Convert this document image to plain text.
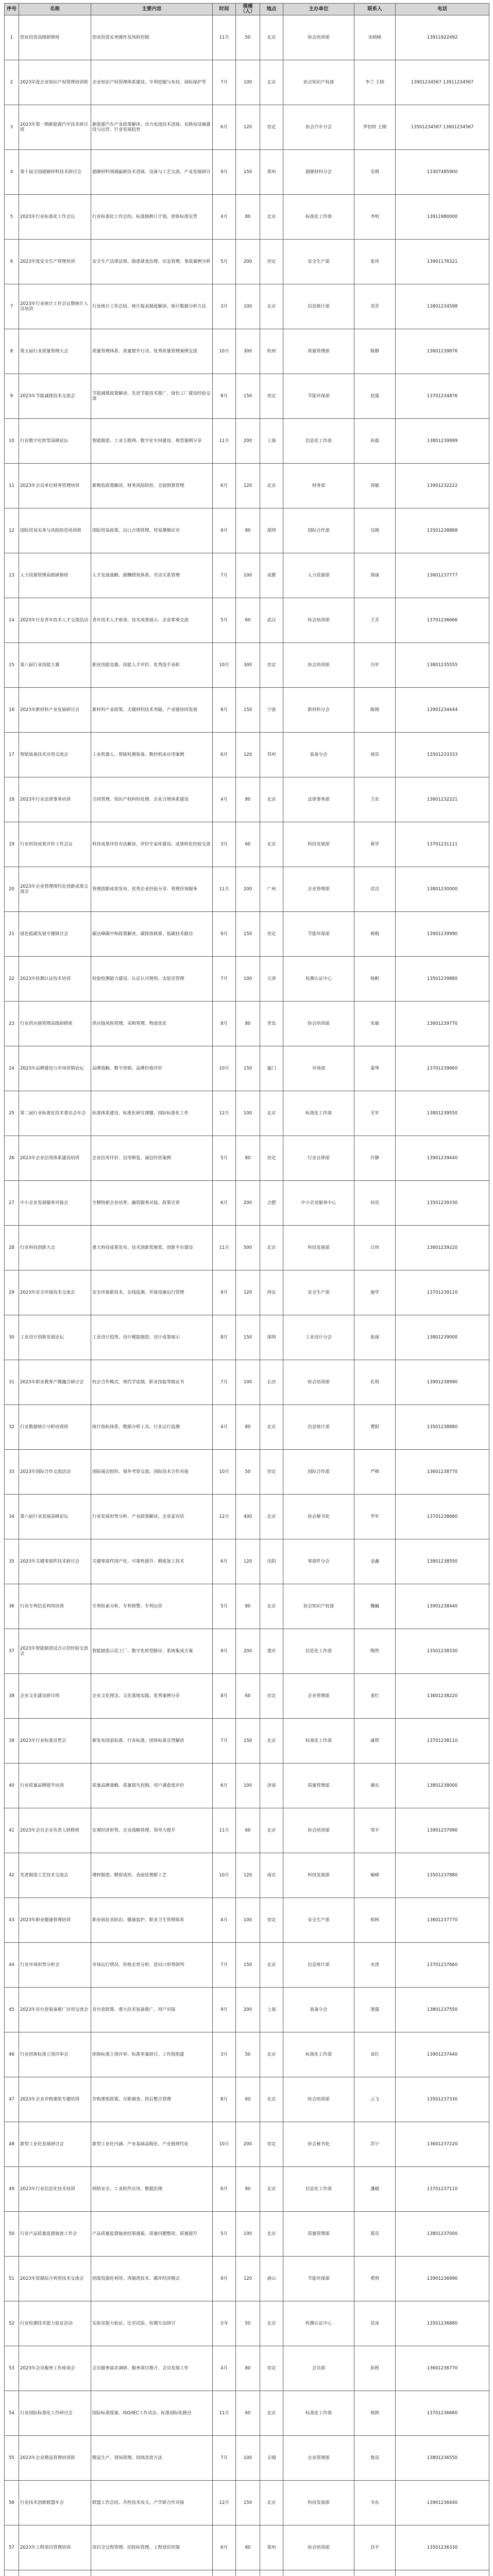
序号	名称	主要内容	时间	规模（人）	地点	主办单位	联系人	电话
1	创业投资高级研修班	创业投资实务操作及风险控制	11月	50	北京	协会培训部	宋晓峰	13911922492
2	2023年度企业知识产权管理培训班	企业知识产权管理体系建设、专利挖掘与布局、商标保护等	7月	100	北京	协会知识产权部	李兰 王晓	13901234567 13911234567
3	2023年第一期新能源汽车技术研讨班	新能源汽车产业政策解读、动力电池技术进展、充换电设施建设与运营、行业发展趋势	6月	120	待定	协会汽车分会	罗伯特 王刚	13501234567 13601234567
4	第十届全国超硬材料技术研讨会	超硬材料领域最新技术进展、设备与工艺交流、产业发展研讨	9月	150	郑州	超硬材料分会	吴倩	13307485900
5	2023年行业标准化工作会议	行业标准化工作总结、标准制修订计划、团体标准宣贯	4月	80	北京	标准化工作部	李明	13911980000
6	2023年度安全生产管理培训	安全生产法律法规、隐患排查治理、应急管理、事故案例分析	5月	200	待定	安全生产部	张伟	13901176321
7	2023年行业统计工作会议暨统计人员培训	行业统计工作总结、统计报表制度解读、统计数据分析方法	3月	100	北京	信息统计部	刘芳	13801234598
8	第五届行业质量管理大会	质量管理体系、质量提升行动、优秀质量管理案例交流	10月	300	杭州	质量管理部	陈静	13601239876
9	2023年节能减排技术交流会	节能减排政策解读、先进节能技术推广、绿色工厂建设经验交流	8月	150	待定	节能环保部	赵强	13701234876
10	行业数字化转型高峰论坛	智能制造、工业互联网、数字化车间建设、典型案例分享	11月	200	上海	信息化工作部	孙磊	13801239999
11	2023年会员单位财务管理培训	新税收政策解读、财务风险防控、全面预算管理	6月	120	北京	财务部	周敏	13901232222
12	国际贸易实务与风险防范培训班	国际贸易政策、出口合规管理、贸易摩擦应对	9月	80	深圳	国际合作部	吴刚	13501238888
13	人力资源管理高级研修班	人才发展战略、薪酬绩效体系、劳动关系管理	7月	100	成都	人力资源部	郑丽	13601237777
14	2023年行业青年技术人才交流活动	青年技术人才座谈、技术成果展示、企业参观交流	5月	60	武汉	协会培训部	王芳	13701236666
15	第八届行业技能大赛	职业技能竞赛、技能人才评价、优秀选手表彰	10月	300	待定	协会培训部	冯军	13801235555
16	2023年新材料产业发展研讨会	新材料产业政策、关键材料技术突破、产业链协同发展	8月	150	宁波	新材料分会	陈刚	13901234444
17	智能装备技术应用交流会	工业机器人、智能检测装备、数控机床应用案例	6月	120	苏州	装备分会	褚亮	13501233333
18	2023年行业法律事务培训	合同管理、知识产权纠纷处理、企业合规体系建设	4月	80	北京	法律事务部	卫东	13601232221
19	行业科技成果评价工作会议	科技成果评价办法解读、评价专家库建设、成果转化经验交流	3月	60	北京	科技发展部	蒋华	13701231111
20	2023年企业管理现代化创新成果交流会	管理创新成果发布、优秀企业经验分享、管理咨询服务	11月	200	广州	企业管理部	沈洁	13801230000
21	绿色低碳发展专题研讨会	碳达峰碳中和政策解读、碳排放核算、低碳技术路径	9月	150	待定	节能环保部	韩梅	13901239990
22	2023年检测认证技术培训	检验检测能力建设、认证认可规则、实验室管理	7月	100	天津	检测认证中心	杨帆	13501239880
23	行业供应链管理高级研修班	供应链风险管理、采购管理、物流优化	8月	80	青岛	协会培训部	朱敏	13601239770
24	2023年品牌建设与市场营销论坛	品牌战略、数字营销、品牌价值评价	10月	150	厦门	市场部	秦琴	13701239660
25	第二届行业标准化技术委员会年会	标准体系建设、标准化研究课题、国际标准化工作	12月	100	北京	标准化工作部	尤军	13801239550
26	2023年企业信用体系建设培训	企业信用评价、信用修复、诚信经营案例	5月	80	待定	行业自律部	许静	13901239440
27	中小企业发展服务对接会	专精特新企业培育、融资服务对接、政策宣讲	6月	200	合肥	中小企业服务中心	何亮	13501239330
28	行业科技创新大会	重大科技成果发布、技术创新奖颁奖、创新平台建设	11月	500	北京	科技发展部	吕伟	13601239220
29	2023年安全环保技术交流会	安全环保新技术、在线监测、环保设施运行管理	9月	120	西安	安全生产部	施华	13701239110
30	工业设计创新发展论坛	工业设计趋势、设计赋能制造、设计成果展示	8月	150	深圳	工业设计分会	张丽	13801239000
31	2023年职业教育产教融合研讨会	校企合作模式、现代学徒制、职业技能等级证书	7月	100	长沙	协会培训部	孔明	13901238990
32	行业数据统计分析培训班	统计指标体系、数据分析工具、行业运行监测	4月	80	北京	信息统计部	曹阳	13501238880
33	2023年国际合作交流活动	国际展会组织、境外考察交流、国际技术合作对接	10月	50	待定	国际合作部	严峰	13601238770
34	第六届行业发展高峰论坛	行业发展形势分析、产业政策解读、企业家对话	12月	400	北京	协会秘书处	华军	13701238660
35	2023年关键零部件技术研讨会	关键零部件国产化、可靠性提升、精密加工技术	6月	120	沈阳	零部件分会	金鑫	13801238550
36	行业专利信息利用培训	专利检索分析、专利预警、专利运营	5月	80	北京	协会知识产权部	魏巍	13901238440
37	2023年智能制造试点示范经验交流会	智能制造示范工厂、数字化转型路径、系统集成方案	9月	200	重庆	信息化工作部	陶然	13501238330
38	企业文化建设研讨班	企业文化理念、文化落地实践、优秀案例分享	8月	60	待定	企业管理部	姜红	13601238220
39	2023年行业标准宣贯会	新发布国家标准、行业标准、团体标准宣贯解读	7月	150	北京	标准化工作部	戚明	13701238110
40	行业质量品牌提升培训	质量品牌战略、质量损失控制、用户满意度评价	6月	100	济南	质量管理部	谢东	13801238000
41	2023年会员企业负责人研修班	宏观经济形势、企业战略管理、领导力提升	11月	60	北京	协会培训部	邹平	13901237990
42	先进制造工艺技术交流会	增材制造、精密成形、表面处理新工艺	10月	120	南京	科技发展部	喻峰	13501237880
43	2023年职业健康管理培训	职业病危害防治、健康监护、职业卫生管理体系	4月	100	待定	安全生产部	柏林	13601237770
44	行业市场形势分析会	市场运行情况、价格走势分析、进出口形势研判	7月	150	北京	信息统计部	水清	13701237660
45	2023年首台套装备推广应用交流会	首台套政策、重大技术装备推广、用户对接	9月	200	上海	装备分会	窦强	13801237550
46	行业团体标准立项评审会	团体标准立项评审、标准草案研讨、工作组组建	3月	50	北京	标准化工作部	章红	13901237440
47	2023年企业并购重组专题培训	并购重组政策、尽职调查、投后整合管理	8月	60	北京	协会培训部	云飞	13501237330
48	新型工业化发展研讨会	新型工业化内涵、产业基础高级化、产业链现代化	10月	200	待定	协会秘书处	苏宁	13601237220
49	2023年行业信息化技术培训	网络安全、工业软件应用、数据治理	6月	80	北京	信息化工作部	潘越	13701237110
50	行业产品质量监督抽查工作会	产品质量监督抽查结果通报、质量问题整改、质量提升	5月	100	北京	质量管理部	葛亮	13801237000
51	2023年资源综合利用技术交流会	固废资源化利用、再制造技术、循环经济模式	9月	120	唐山	节能环保部	奚明	13901236990
52	行业检测技术能力验证活动	实验室能力验证、比对试验、检测方法研讨	全年	50	北京	检测认证中心	范冰	13501236880
53	2023年会员服务工作座谈会	会员服务需求调研、服务项目推介、会员发展工作	4月	80	待定	会员部	彭程	13601236770
54	行业国际标准化工作研讨会	国际标准提案、ISO/IEC工作动态、标准国际化路径	11月	60	北京	标准化工作部	郎朗	13701236660
55	2023年企业精益管理培训班	精益生产、现场管理、持续改进方法	7月	100	无锡	企业管理部	鲁迅	13801236550
56	行业技术创新联盟年会	联盟工作总结、共性技术攻关、产学研合作对接	12月	150	北京	科技发展部	韦东	13901236440
57	2023年工程项目管理培训	项目全过程管理、招投标管理、工程造价控制	6月	80	郑州	协会培训部	昌平	13501236330
